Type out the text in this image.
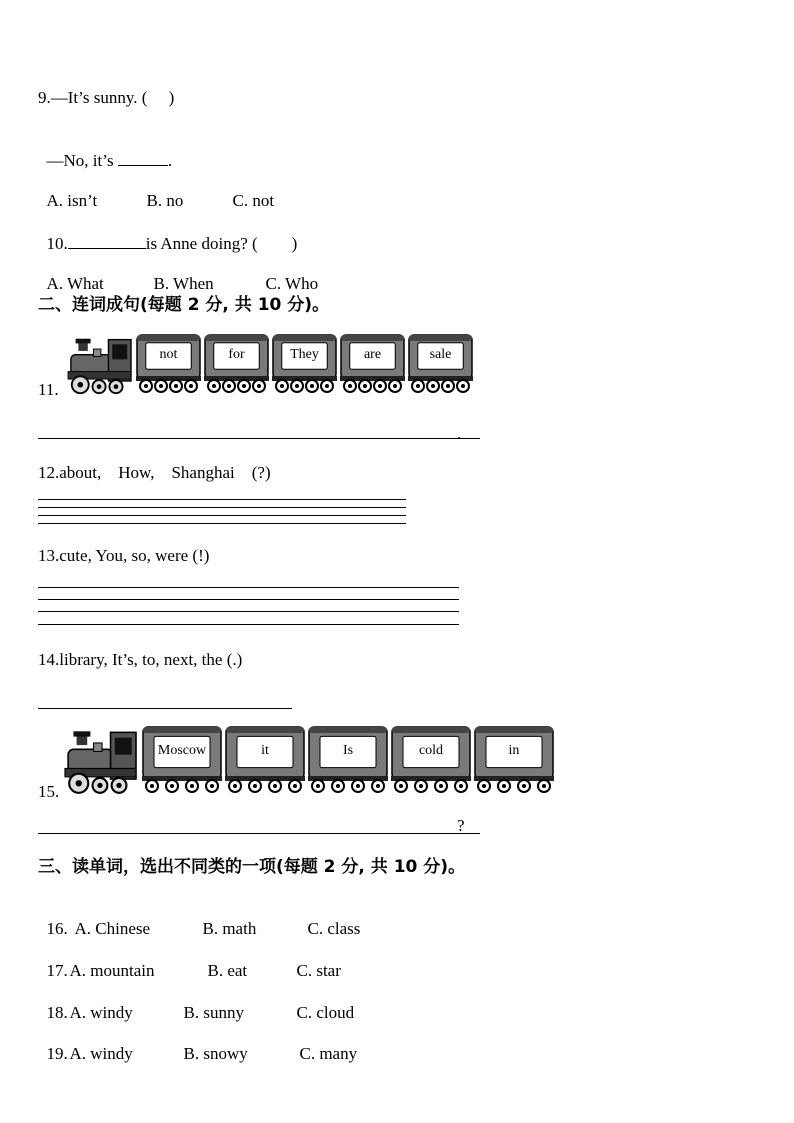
9.—It’s sunny. (     )

—No, it’s	.

A. isn’t	B. no	C. not

10.	is Anne doing? (        )

A. What	B. When	C. Who

二、连词成句(每题 2 分, 共 10 分)。
11.
not	for	They	are	sale
.
12.about,    How,    Shanghai    (?)
13.cute, You, so, were (!)
14.library, It’s, to, next, the (.)
15.
Moscow	it	Is	cold	in
?
三、读单词，选出不同类的一项(每题 2 分, 共 10 分)。

16. A. Chinese	B. math	C. class

17. A. mountain	B. eat	C. star

18. A. windy	B. sunny	C. cloud

19. A. windy	B. snowy	C. many
